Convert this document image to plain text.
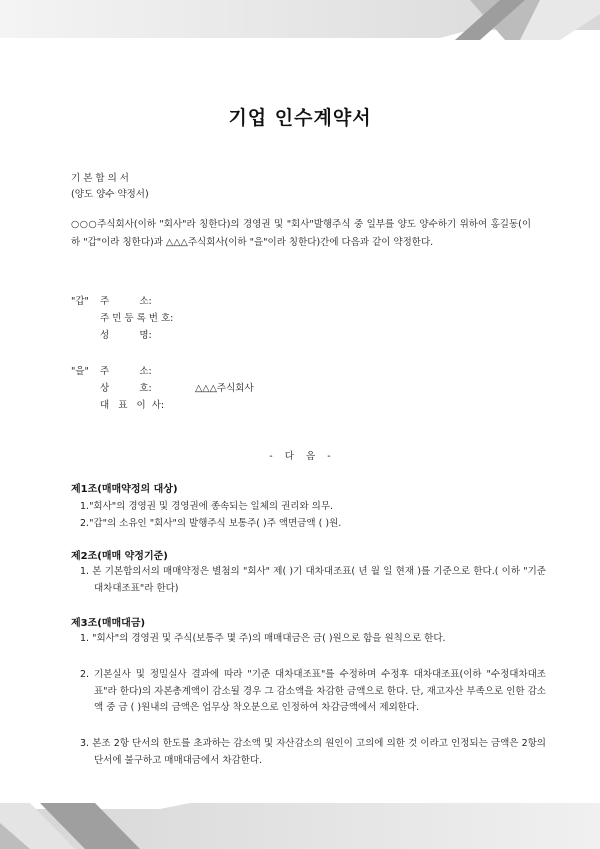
기업 인수계약서
기 본 합 의 서
(양도 양수 약정서)
○○○주식회사(이하 "회사"라 칭한다)의 경영권 및 "회사"발행주식 중 일부를 양도 양수하기 위하여 홍길동(이하 "갑"이라 칭한다)과 △△△주식회사(이하 "을"이라 칭한다)간에 다음과 같이 약정한다.
"갑" 주          소:
주 민 등 록 번 호:
성          명:
"을" 주          소:
상          호:	△△△주식회사
대   표   이  사:
-    다    음    -
제1조(매매약정의 대상)
1."회사"의 경영권 및 경영권에 종속되는 일체의 권리와 의무.
2."갑"의 소유인 "회사"의 발행주식 보통주( )주 액면금액 ( )원.
제2조(매매 약정기준)
1. 본 기본합의서의 매매약정은 별첨의 "회사" 제( )기 대차대조표( 년 월 일 현재 )를 기준으로 한다.( 이하 "기준대차대조표"라 한다)
제3조(매매대금)
1. "회사"의 경영권 및 주식(보통주 몇 주)의 매매대금은 금( )원으로 함을 원칙으로 한다.
2. 기본실사 및 정밀실사 결과에 따라 "기준 대차대조표"를 수정하며 수정후 대차대조표(이하 "수정대차대조표"라 한다)의 자본총계액이 감소될 경우 그 감소액을 차감한 금액으로 한다. 단, 재고자산 부족으로 인한 감소액 중 금 ( )원내의 금액은 업무상 착오분으로 인정하여 차감금액에서 제외한다.
3. 본조 2항 단서의 한도를 초과하는 감소액 및 자산감소의 원인이 고의에 의한 것 이라고 인정되는 금액은 2항의 단서에 불구하고 매매대금에서 차감한다.
